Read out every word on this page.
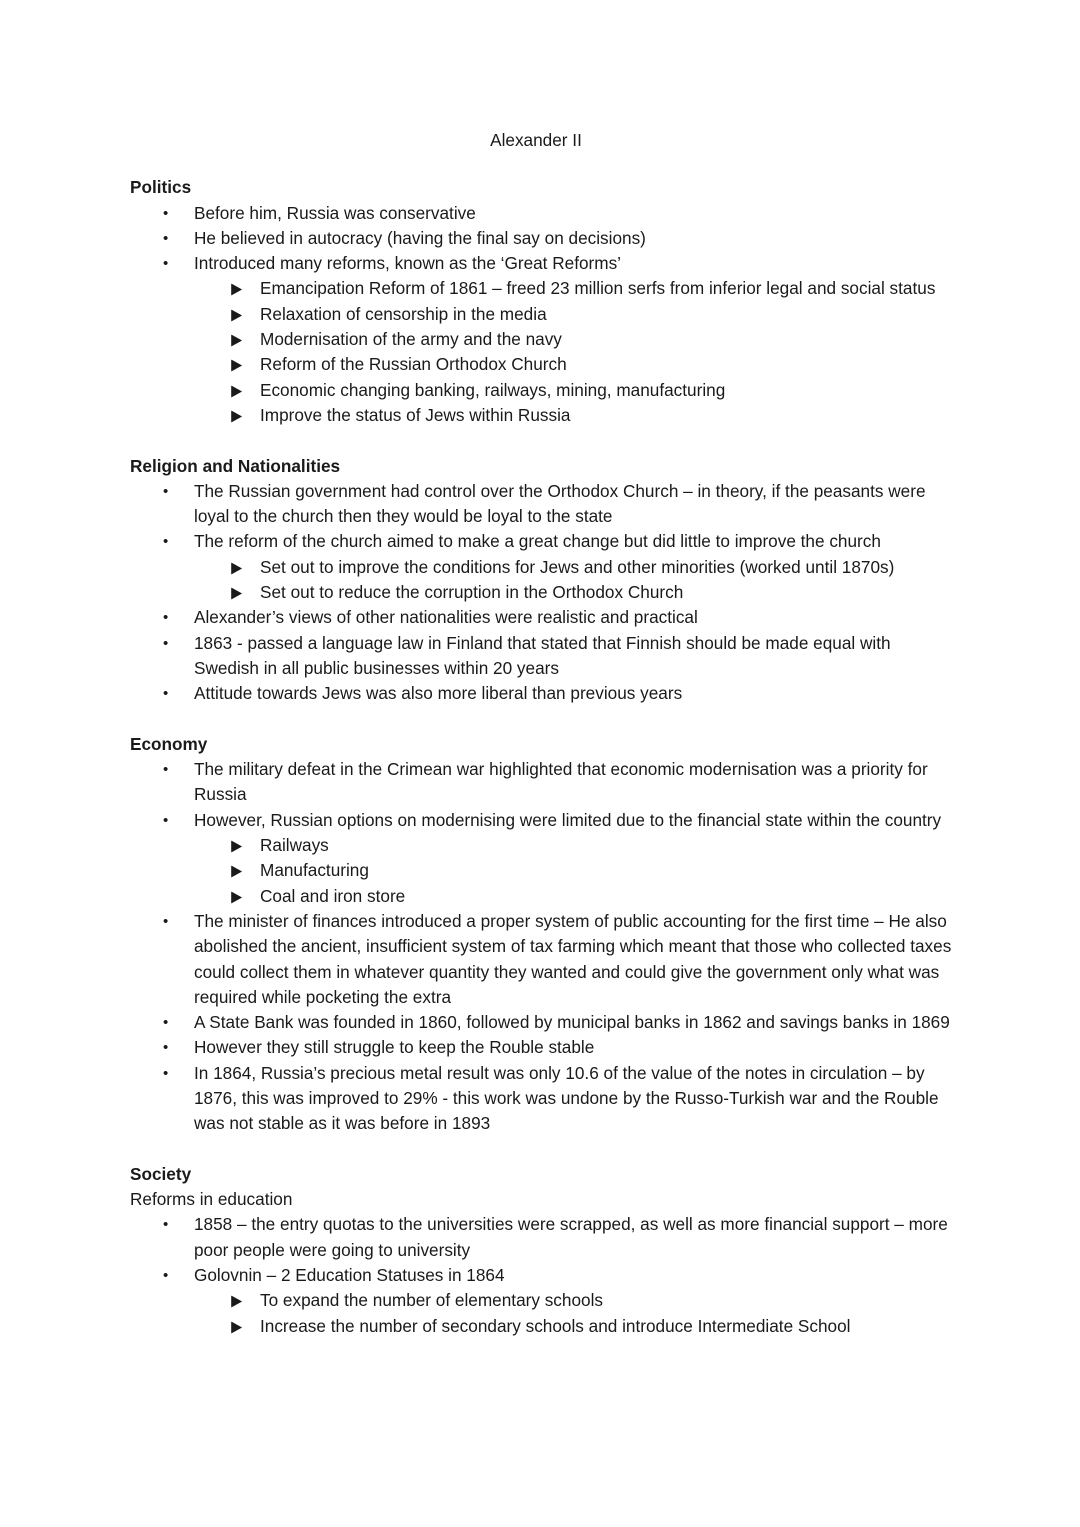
Alexander II
Politics
•	Before him, Russia was conservative
•	He believed in autocracy (having the final say on decisions)
•	Introduced many reforms, known as the ‘Great Reforms’
Emancipation Reform of 1861 – freed 23 million serfs from inferior legal and social status
Relaxation of censorship in the media
Modernisation of the army and the navy
Reform of the Russian Orthodox Church
Economic changing banking, railways, mining, manufacturing
Improve the status of Jews within Russia
Religion and Nationalities
•	The Russian government had control over the Orthodox Church – in theory, if the peasants were loyal to the church then they would be loyal to the state
•	The reform of the church aimed to make a great change but did little to improve the church
Set out to improve the conditions for Jews and other minorities (worked until 1870s)
Set out to reduce the corruption in the Orthodox Church
•	Alexander’s views of other nationalities were realistic and practical
•	1863 - passed a language law in Finland that stated that Finnish should be made equal with Swedish in all public businesses within 20 years
•	Attitude towards Jews was also more liberal than previous years
Economy
•	The military defeat in the Crimean war highlighted that economic modernisation was a priority for Russia
•	However, Russian options on modernising were limited due to the financial state within the country
Railways
Manufacturing
Coal and iron store
•	The minister of finances introduced a proper system of public accounting for the first time – He also abolished the ancient, insufficient system of tax farming which meant that those who collected taxes could collect them in whatever quantity they wanted and could give the government only what was required while pocketing the extra
•	A State Bank was founded in 1860, followed by municipal banks in 1862 and savings banks in 1869
•	However they still struggle to keep the Rouble stable
•	In 1864, Russia’s precious metal result was only 10.6 of the value of the notes in circulation – by 1876, this was improved to 29% - this work was undone by the Russo-Turkish war and the Rouble was not stable as it was before in 1893
Society
Reforms in education
•	1858 – the entry quotas to the universities were scrapped, as well as more financial support – more poor people were going to university
•	Golovnin – 2 Education Statuses in 1864
To expand the number of elementary schools
Increase the number of secondary schools and introduce Intermediate School
